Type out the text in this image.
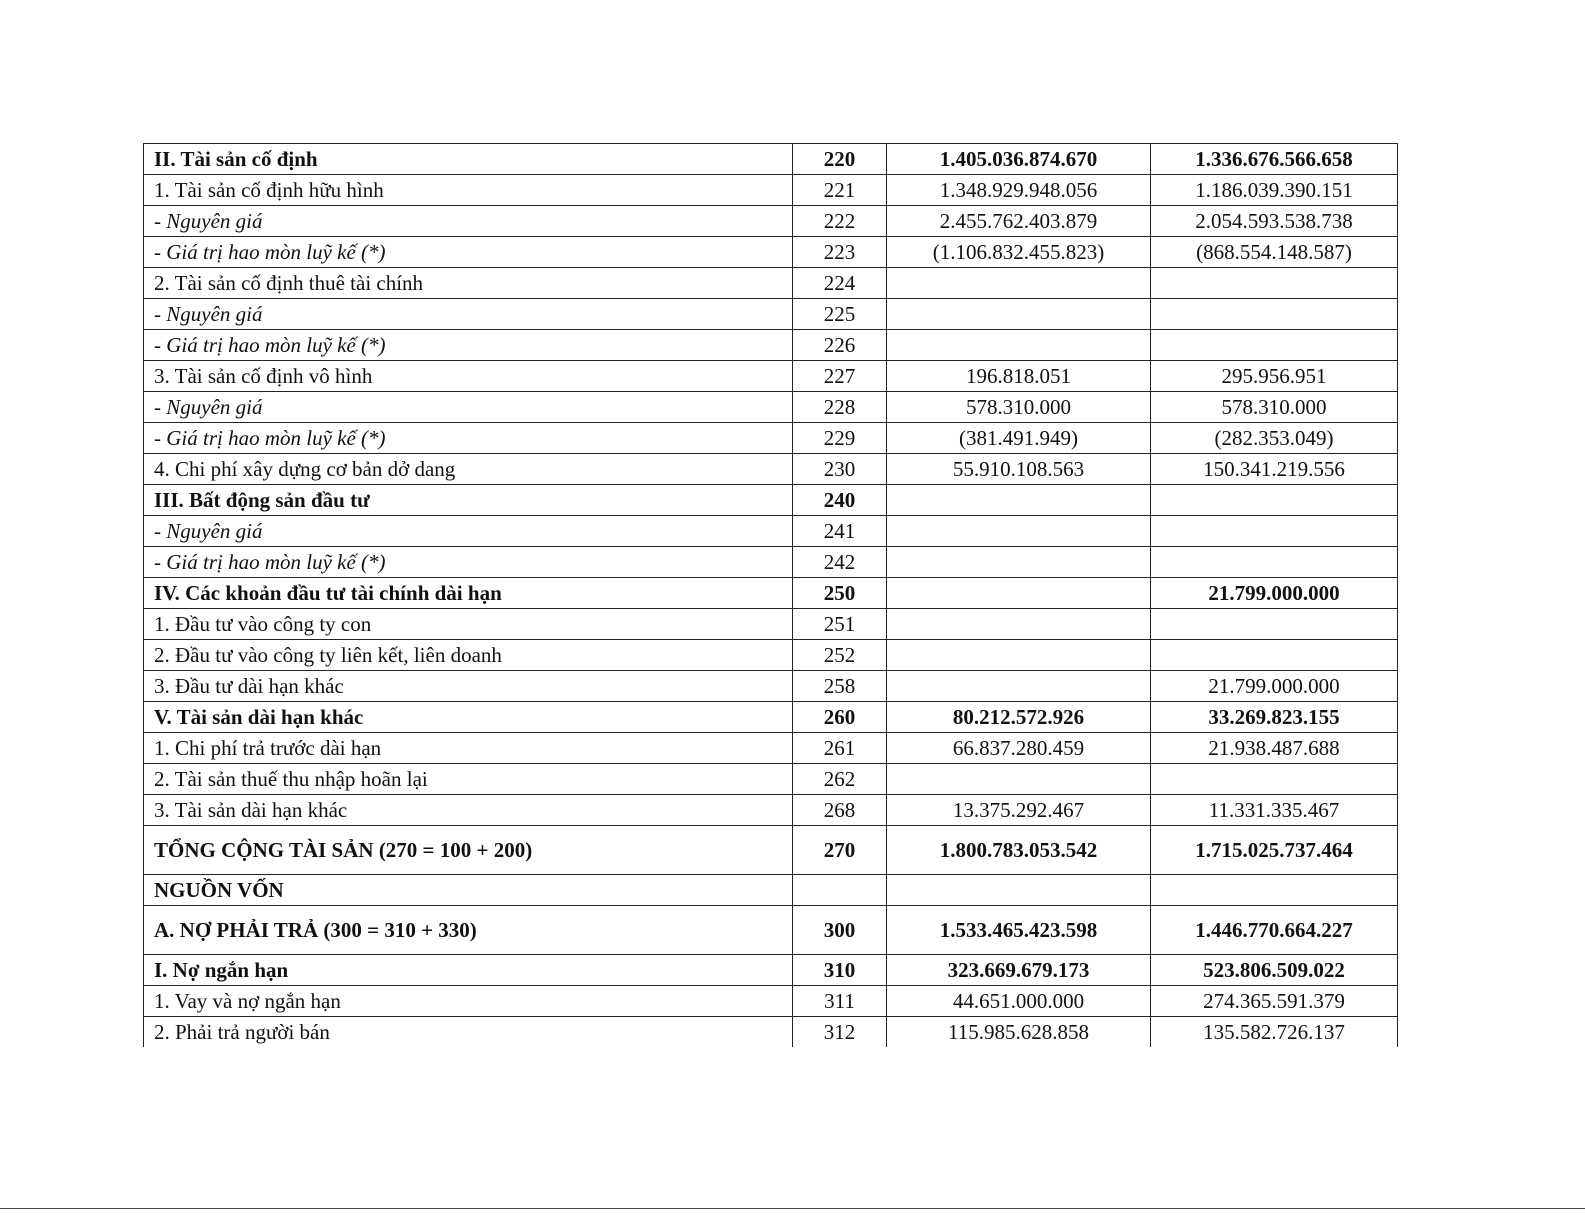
II. Tài sản cố định	220	1.405.036.874.670	1.336.676.566.658
1. Tài sản cố định hữu hình	221	1.348.929.948.056	1.186.039.390.151
- Nguyên giá	222	2.455.762.403.879	2.054.593.538.738
- Giá trị hao mòn luỹ kế (*)	223	(1.106.832.455.823)	(868.554.148.587)
2. Tài sản cố định thuê tài chính	224		
- Nguyên giá	225		
- Giá trị hao mòn luỹ kế (*)	226		
3. Tài sản cố định vô hình	227	196.818.051	295.956.951
- Nguyên giá	228	578.310.000	578.310.000
- Giá trị hao mòn luỹ kế (*)	229	(381.491.949)	(282.353.049)
4. Chi phí xây dựng cơ bản dở dang	230	55.910.108.563	150.341.219.556
III. Bất động sản đầu tư	240		
- Nguyên giá	241		
- Giá trị hao mòn luỹ kế (*)	242		
IV. Các khoản đầu tư tài chính dài hạn	250		21.799.000.000
1. Đầu tư vào công ty con	251		
2. Đầu tư vào công ty liên kết, liên doanh	252		
3. Đầu tư dài hạn khác	258		21.799.000.000
V. Tài sản dài hạn khác	260	80.212.572.926	33.269.823.155
1. Chi phí trả trước dài hạn	261	66.837.280.459	21.938.487.688
2. Tài sản thuế thu nhập hoãn lại	262		
3. Tài sản dài hạn khác	268	13.375.292.467	11.331.335.467
TỔNG CỘNG TÀI SẢN (270 = 100 + 200)	270	1.800.783.053.542	1.715.025.737.464
NGUỒN VỐN			
A. NỢ PHẢI TRẢ (300 = 310 + 330)	300	1.533.465.423.598	1.446.770.664.227
I. Nợ ngắn hạn	310	323.669.679.173	523.806.509.022
1. Vay và nợ ngắn hạn	311	44.651.000.000	274.365.591.379
2. Phải trả người bán	312	115.985.628.858	135.582.726.137
